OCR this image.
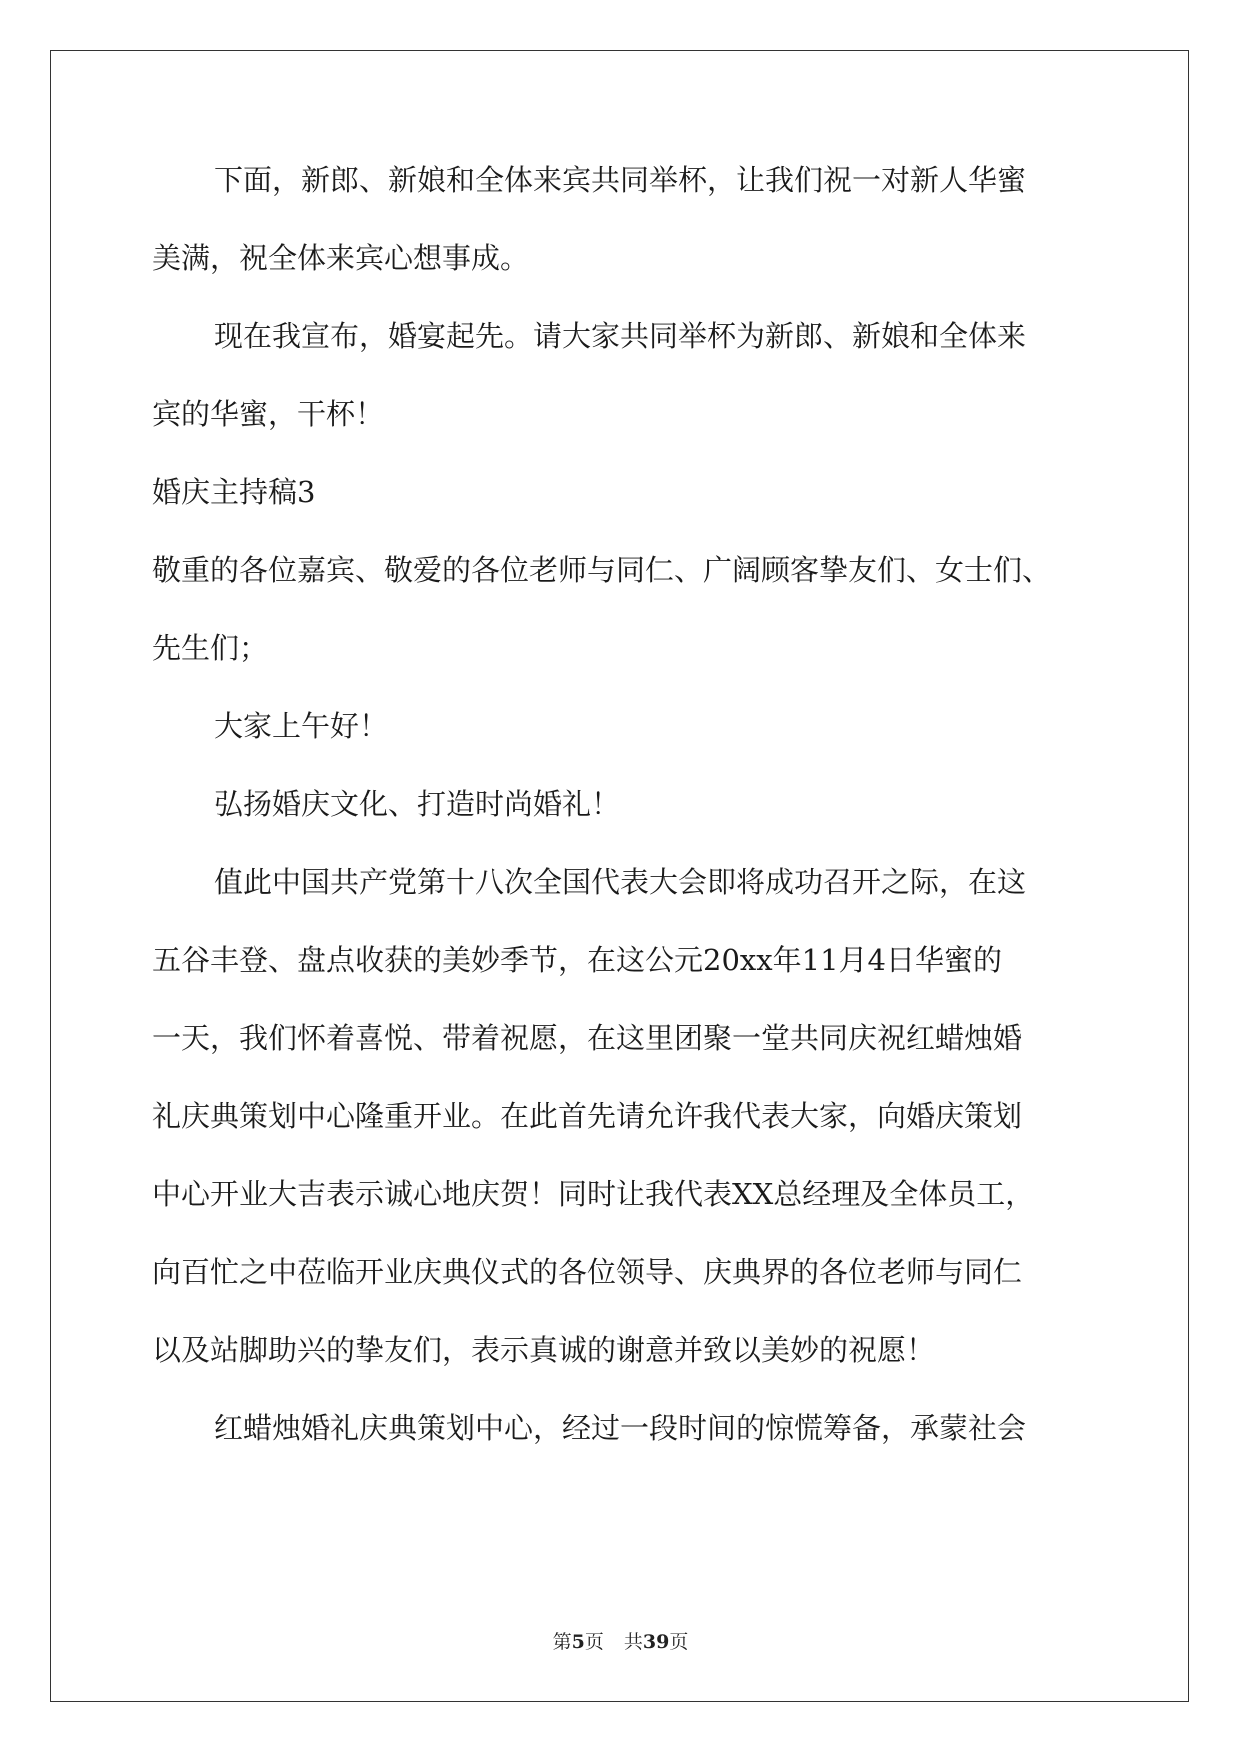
下面，新郎、新娘和全体来宾共同举杯，让我们祝一对新人华蜜
美满，祝全体来宾心想事成。
现在我宣布，婚宴起先。请大家共同举杯为新郎、新娘和全体来
宾的华蜜，干杯！
婚庆主持稿3
敬重的各位嘉宾、敬爱的各位老师与同仁、广阔顾客挚友们、女士们、
先生们；
大家上午好！
弘扬婚庆文化、打造时尚婚礼！
值此中国共产党第十八次全国代表大会即将成功召开之际，在这
五谷丰登、盘点收获的美妙季节，在这公元20xx年11月4日华蜜的
一天，我们怀着喜悦、带着祝愿，在这里团聚一堂共同庆祝红蜡烛婚
礼庆典策划中心隆重开业。在此首先请允许我代表大家，向婚庆策划
中心开业大吉表示诚心地庆贺！同时让我代表XX总经理及全体员工，
向百忙之中莅临开业庆典仪式的各位领导、庆典界的各位老师与同仁
以及站脚助兴的挚友们，表示真诚的谢意并致以美妙的祝愿！
红蜡烛婚礼庆典策划中心，经过一段时间的惊慌筹备，承蒙社会
第5页 共39页
